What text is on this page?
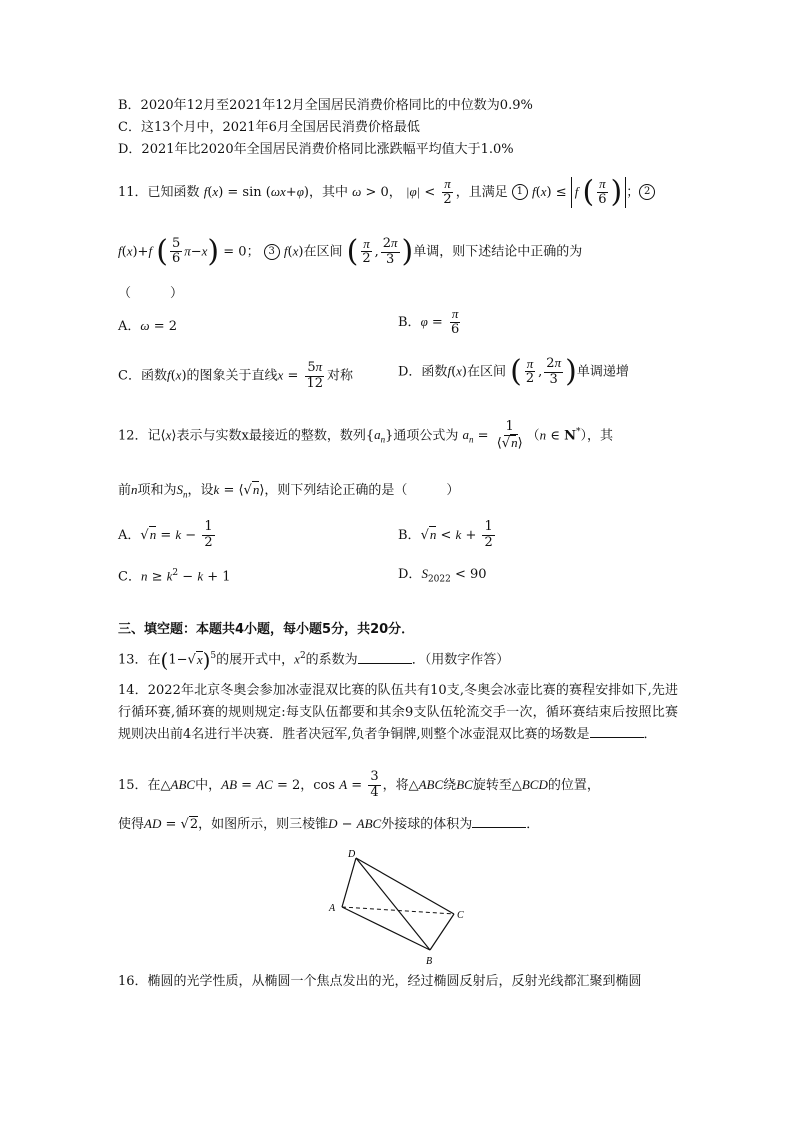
B．2020年12月至2021年12月全国居民消费价格同比的中位数为0.9%
C．这13个月中，2021年6月全国居民消费价格最低
D．2021年比2020年全国居民消费价格同比涨跌幅平均值大于1.0%
11．已知函数 f(x) = sin (ωx+φ)，其中 ω > 0， $|\varphi| < \frac{\pi}{2}$ ，且满足 1 f(x) ≤ f ( $\frac{\pi}{6}$ ) ； 2
f(x)+f ( $\frac{5}{6} \pi-x) = 0$； 3 f(x)在区间 ( $\frac{\pi}{2}$ , $\frac{2\pi}{3}$ )单调，则下述结论中正确的为
（　　　）
A．ω = 2	B．$\varphi = \frac{\pi}{6}$
C．函数f(x)的图象关于直线$x = \frac{5\pi}{12}$ 对称	D．函数f(x)在区间 ( $\frac{\pi}{2}$ , $\frac{2\pi}{3}$ )单调递增
12．记⟨x⟩表示与实数x最接近的整数，数列$\{a_n\}$通项公式为 $a_n = \frac{1}{⟨√n⟩} (n$ ∈ N*），其
前n项和为$S_n$，设k = ⟨√n⟩，则下列结论正确的是（　　　）
A．$√n = k - \frac{1}{2}$	B．$√n < k + \frac{1}{2}$
C．$n \ge k^2 - k + 1$	D．$S_{2022} < 90$
三、填空题：本题共4小题，每小题5分，共20分．
13．在$(1-√x)^5$的展开式中，$x^2$的系数为	．（用数字作答）
14．2022年北京冬奥会参加冰壶混双比赛的队伍共有10支,冬奥会冰壶比赛的赛程安排如下,先进行循环赛,循环赛的规则规定:每支队伍都要和其余9支队伍轮流交手一次，循环赛结束后按照比赛规则决出前4名进行半决赛．胜者决冠军,负者争铜牌,则整个冰壶混双比赛的场数是	．
15．在△ABC中，AB = AC = 2，$\cos A = \frac{3}{4}$ ，将△ABC绕BC旋转至△BCD的位置，
使得AD = √2，如图所示，则三棱锥D − ABC外接球的体积为	．
D
A
C
B
16．椭圆的光学性质，从椭圆一个焦点发出的光，经过椭圆反射后，反射光线都汇聚到椭圆
